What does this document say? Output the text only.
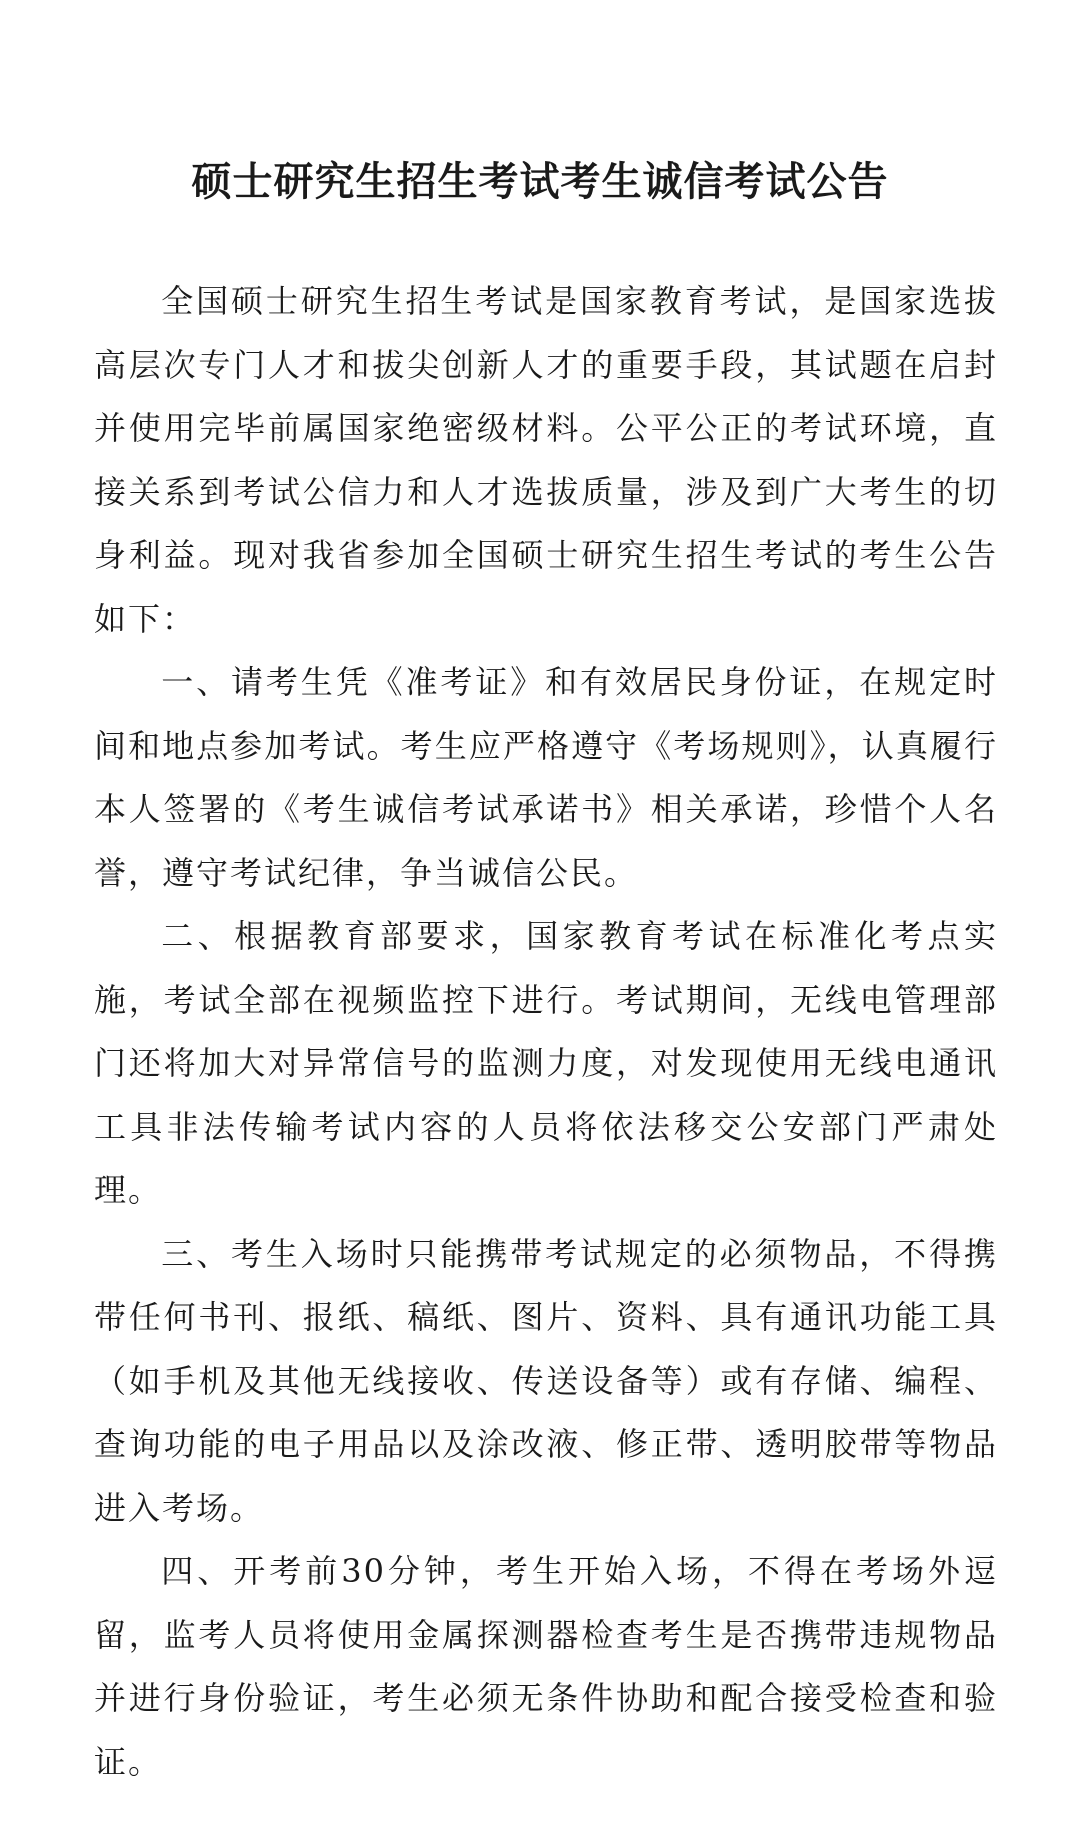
硕士研究生招生考试考生诚信考试公告

全国硕士研究生招生考试是国家教育考试，是国家选拔高层次专门人才和拔尖创新人才的重要手段，其试题在启封并使用完毕前属国家绝密级材料。公平公正的考试环境，直接关系到考试公信力和人才选拔质量，涉及到广大考生的切身利益。现对我省参加全国硕士研究生招生考试的考生公告如下：

一、请考生凭《准考证》和有效居民身份证，在规定时间和地点参加考试。考生应严格遵守《考场规则》，认真履行本人签署的《考生诚信考试承诺书》相关承诺，珍惜个人名誉，遵守考试纪律，争当诚信公民。

二、根据教育部要求，国家教育考试在标准化考点实施，考试全部在视频监控下进行。考试期间，无线电管理部门还将加大对异常信号的监测力度，对发现使用无线电通讯工具非法传输考试内容的人员将依法移交公安部门严肃处理。

三、考生入场时只能携带考试规定的必须物品，不得携带任何书刊、报纸、稿纸、图片、资料、具有通讯功能工具（如手机及其他无线接收、传送设备等）或有存储、编程、查询功能的电子用品以及涂改液、修正带、透明胶带等物品进入考场。

四、开考前30分钟，考生开始入场，不得在考场外逗留，监考人员将使用金属探测器检查考生是否携带违规物品并进行身份验证，考生必须无条件协助和配合接受检查和验证。
